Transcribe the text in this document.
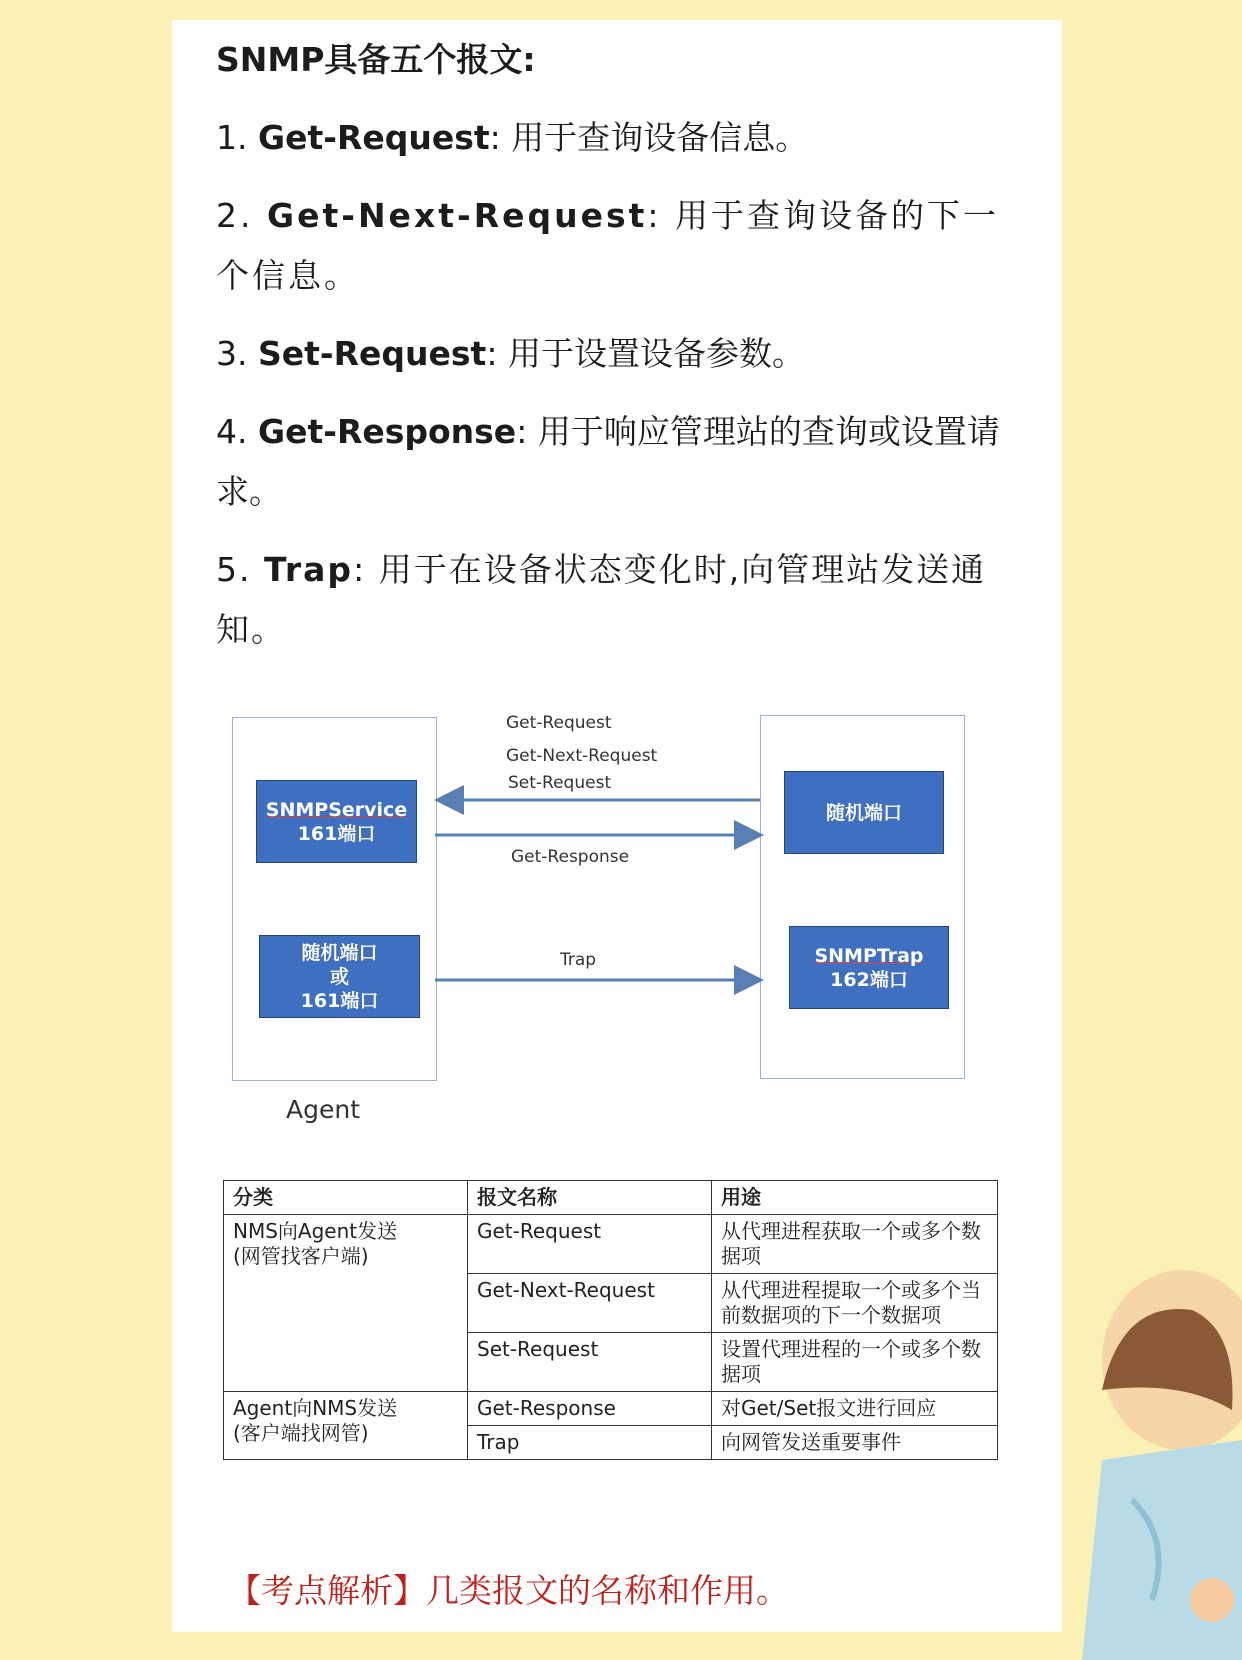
SNMP具备五个报文:
1. Get-Request: 用于查询设备信息。
2. Get-Next-Request: 用于查询设备的下一个信息。
3. Set-Request: 用于设置设备参数。
4. Get-Response: 用于响应管理站的查询或设置请求。
5. Trap: 用于在设备状态变化时,向管理站发送通知。
SNMPService
161端口
随机端口
或
161端口
随机端口
SNMPTrap
162端口
Get-Request
Get-Next-Request
Set-Request
Get-Response
Trap
Agent
分类	报文名称	用途

NMS向Agent发送
(网管找客户端)	Get-Request	从代理进程获取一个或多个数据项
	Get-Next-Request	从代理进程提取一个或多个当前数据项的下一个数据项
	Set-Request	设置代理进程的一个或多个数据项

Agent向NMS发送
(客户端找网管)	Get-Response	对Get/Set报文进行回应
	Trap	向网管发送重要事件
【考点解析】几类报文的名称和作用。
